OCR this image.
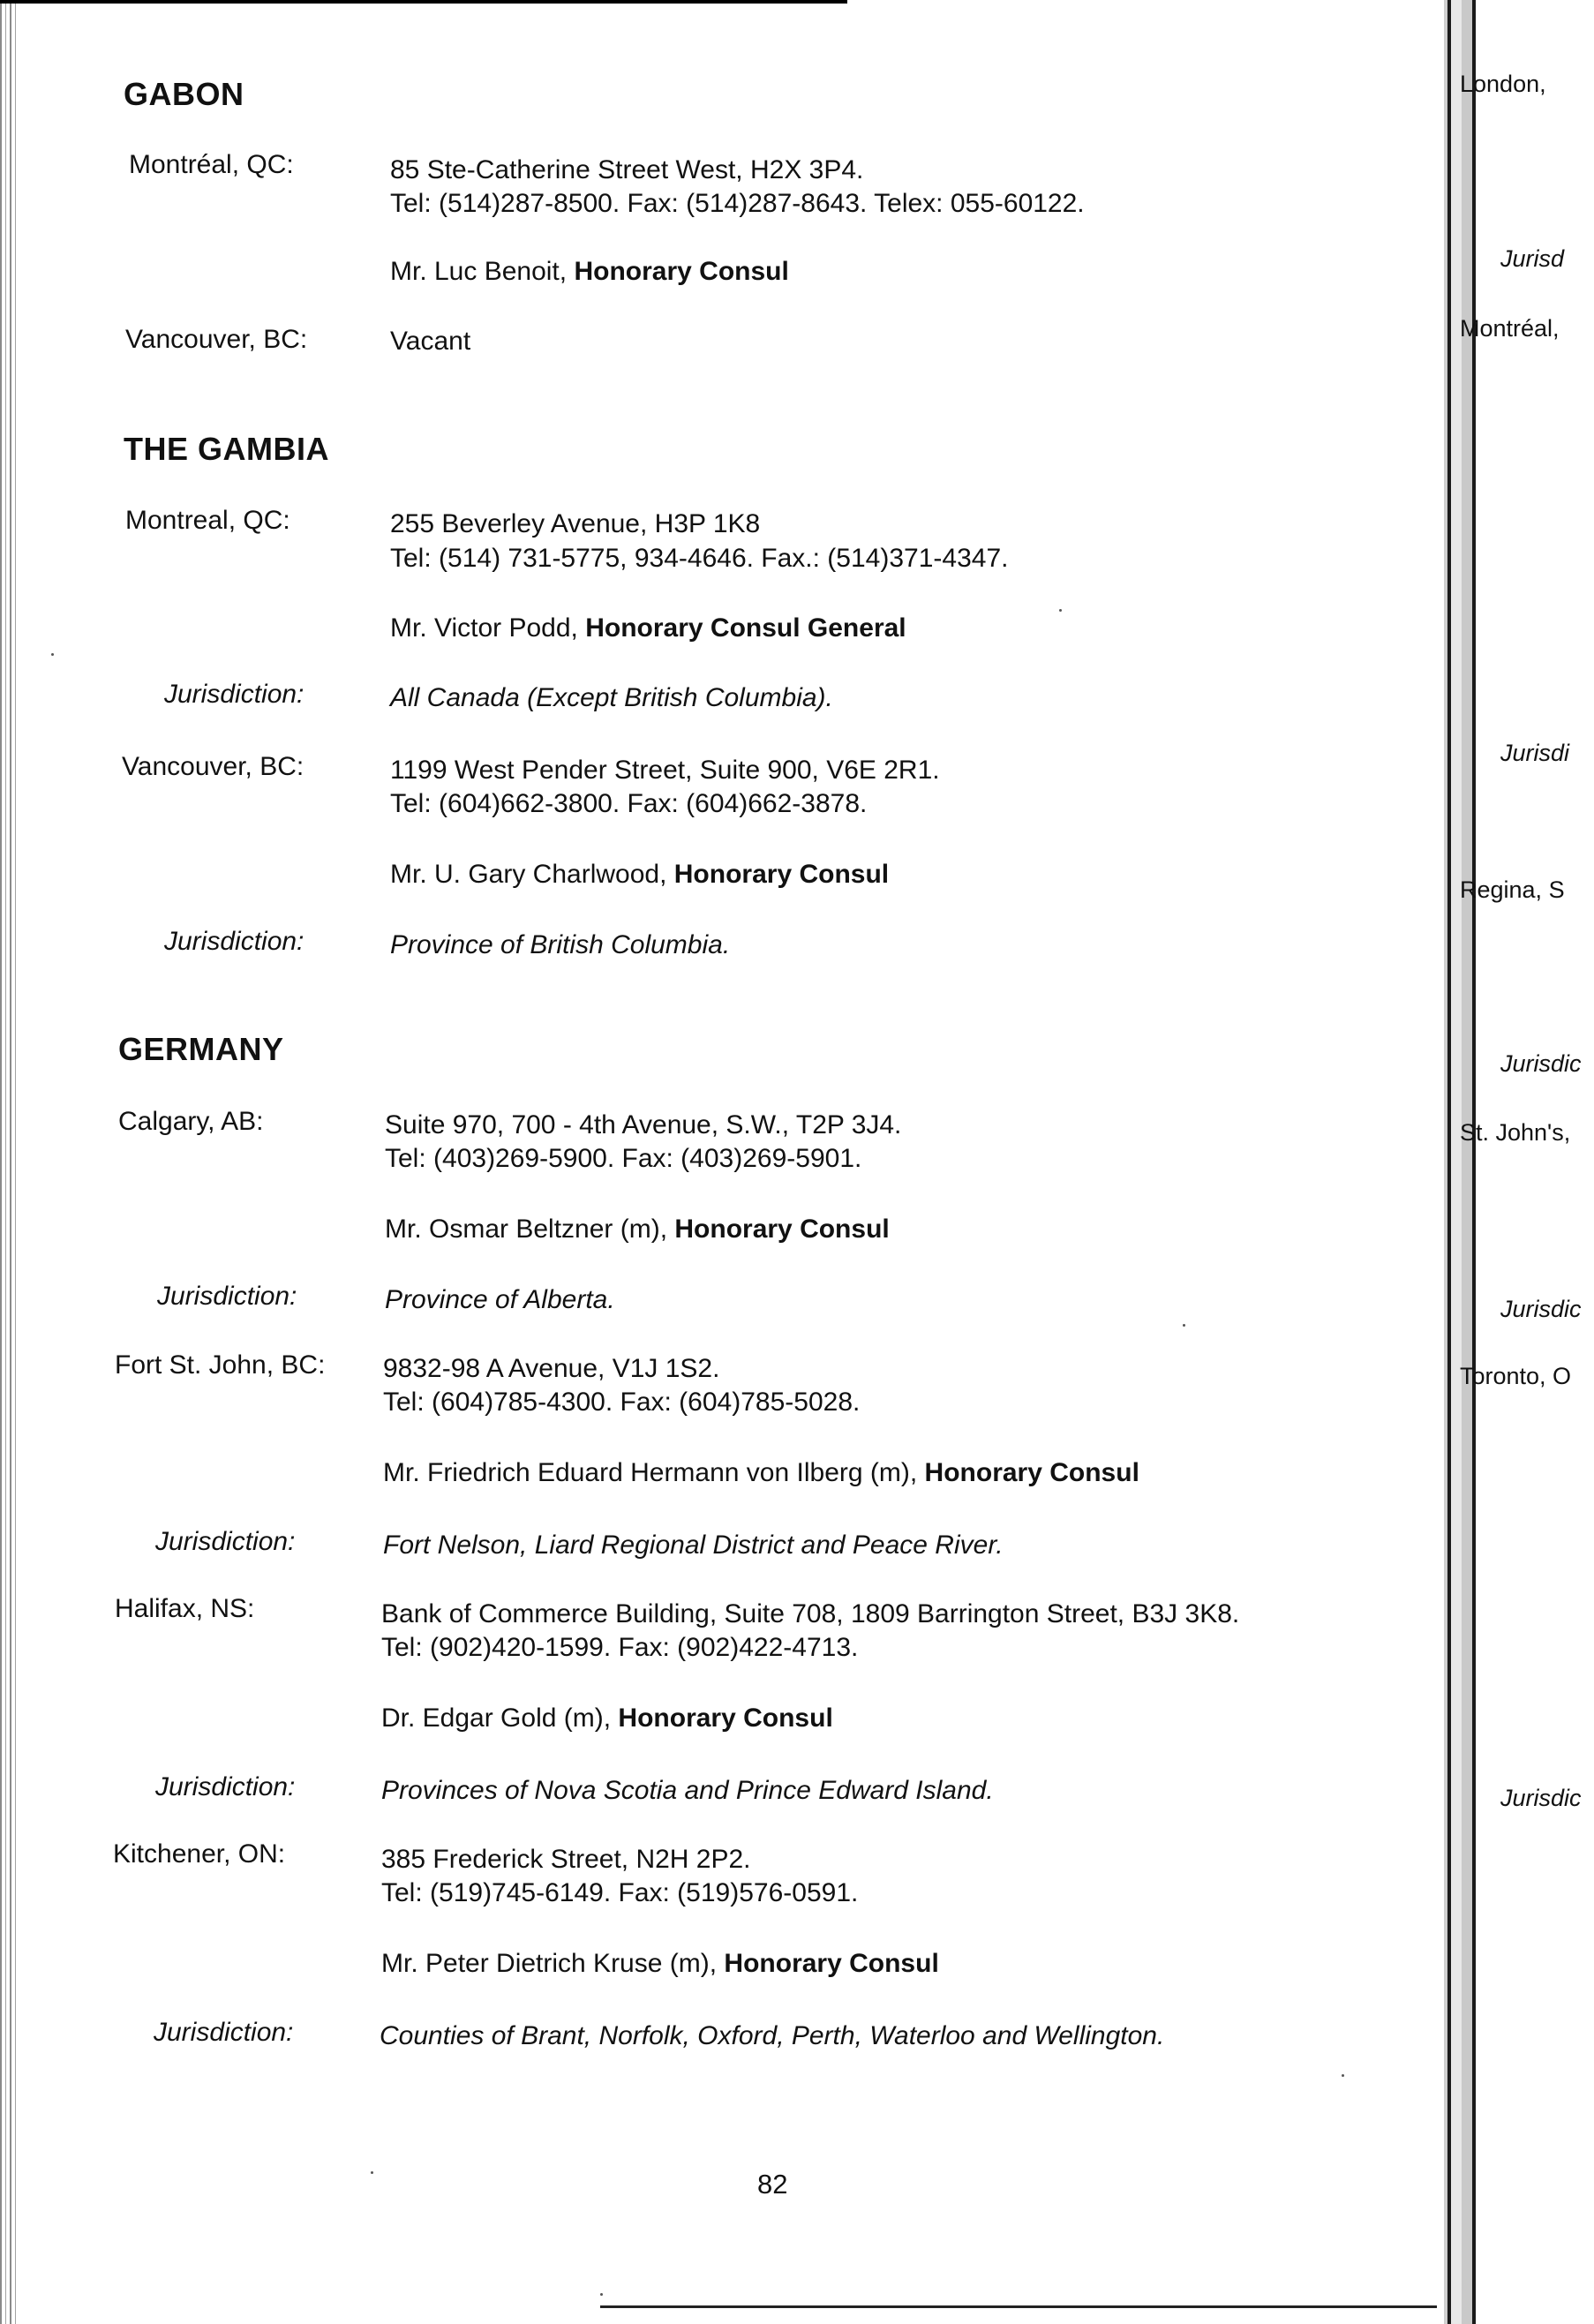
London,
Jurisd
Montréal,
Jurisdi
Regina, S
Jurisdic
St. John's,
Jurisdic
Toronto, O
Jurisdic
GABON
Montréal, QC:	85 Ste-Catherine Street West, H2X 3P4.
Tel: (514)287-8500. Fax: (514)287-8643. Telex: 055-60122.
Mr. Luc Benoit, Honorary Consul
Vancouver, BC:	Vacant
THE GAMBIA
Montreal, QC:	255 Beverley Avenue, H3P 1K8
Tel: (514) 731-5775, 934-4646. Fax.: (514)371-4347.
Mr. Victor Podd, Honorary Consul General
Jurisdiction:	All Canada (Except British Columbia).
Vancouver, BC:	1199 West Pender Street, Suite 900, V6E 2R1.
Tel: (604)662-3800. Fax: (604)662-3878.
Mr. U. Gary Charlwood, Honorary Consul
Jurisdiction:	Province of British Columbia.
GERMANY
Calgary, AB:	Suite 970, 700 - 4th Avenue, S.W., T2P 3J4.
Tel: (403)269-5900. Fax: (403)269-5901.
Mr. Osmar Beltzner (m), Honorary Consul
Jurisdiction:	Province of Alberta.
Fort St. John, BC: 9832-98 A Avenue, V1J 1S2.
Tel: (604)785-4300. Fax: (604)785-5028.
Mr. Friedrich Eduard Hermann von Ilberg (m), Honorary Consul
Jurisdiction:	Fort Nelson, Liard Regional District and Peace River.
Halifax, NS:	Bank of Commerce Building, Suite 708, 1809 Barrington Street, B3J 3K8.
Tel: (902)420-1599. Fax: (902)422-4713.
Dr. Edgar Gold (m), Honorary Consul
Jurisdiction:	Provinces of Nova Scotia and Prince Edward Island.
Kitchener, ON:	385 Frederick Street, N2H 2P2.
Tel: (519)745-6149. Fax: (519)576-0591.
Mr. Peter Dietrich Kruse (m), Honorary Consul
Jurisdiction:	Counties of Brant, Norfolk, Oxford, Perth, Waterloo and Wellington.
82
